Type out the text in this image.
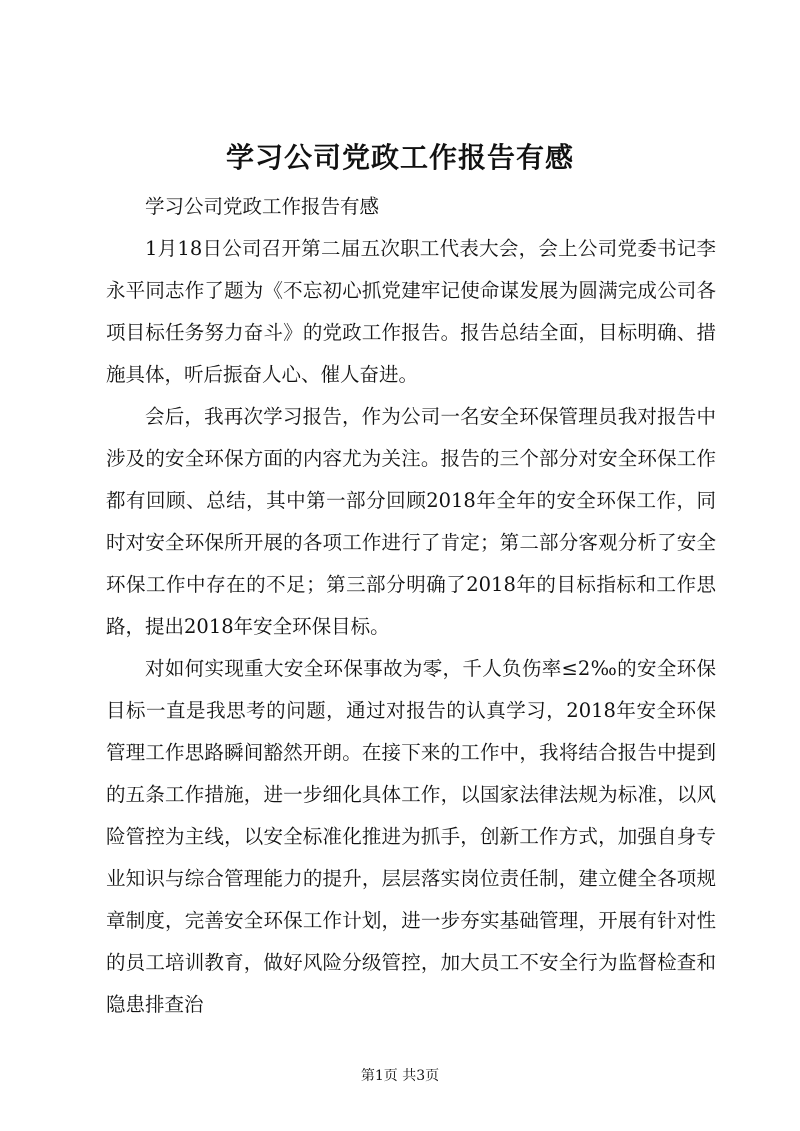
学习公司党政工作报告有感

学习公司党政工作报告有感

1月18日公司召开第二届五次职工代表大会，会上公司党委书记李永平同志作了题为《不忘初心抓党建牢记使命谋发展为圆满完成公司各项目标任务努力奋斗》的党政工作报告。报告总结全面，目标明确、措施具体，听后振奋人心、催人奋进。

会后，我再次学习报告，作为公司一名安全环保管理员我对报告中涉及的安全环保方面的内容尤为关注。报告的三个部分对安全环保工作都有回顾、总结，其中第一部分回顾2018年全年的安全环保工作，同时对安全环保所开展的各项工作进行了肯定；第二部分客观分析了安全环保工作中存在的不足；第三部分明确了2018年的目标指标和工作思路，提出2018年安全环保目标。

对如何实现重大安全环保事故为零，千人负伤率≤2‰的安全环保目标一直是我思考的问题，通过对报告的认真学习，2018年安全环保管理工作思路瞬间豁然开朗。在接下来的工作中，我将结合报告中提到的五条工作措施，进一步细化具体工作，以国家法律法规为标准，以风险管控为主线，以安全标准化推进为抓手，创新工作方式，加强自身专业知识与综合管理能力的提升，层层落实岗位责任制，建立健全各项规章制度，完善安全环保工作计划，进一步夯实基础管理，开展有针对性的员工培训教育，做好风险分级管控，加大员工不安全行为监督检查和隐患排查治

第1页 共3页
